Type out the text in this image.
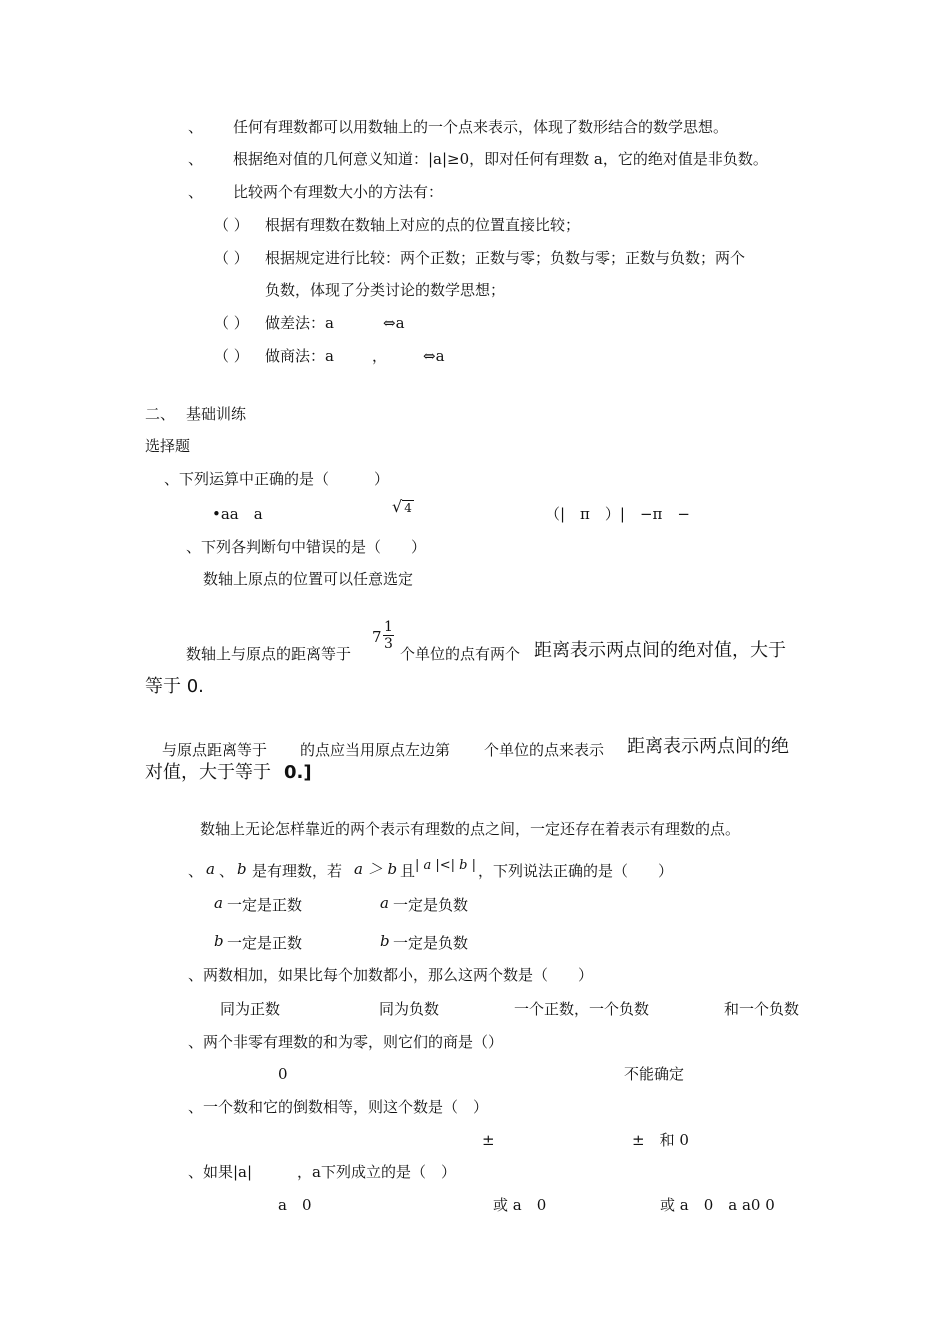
、 任何有理数都可以用数轴上的一个点来表示，体现了数形结合的数学思想。
、 根据绝对值的几何意义知道：|a|≥0，即对任何有理数 a，它的绝对值是非负数。
、 比较两个有理数大小的方法有：
（ ） 根据有理数在数轴上对应的点的位置直接比较；
（ ） 根据规定进行比较：两个正数；正数与零；负数与零；正数与负数；两个
负数，体现了分类讨论的数学思想；
（ ） 做差法：a	⇔a
（ ） 做商法：a	， ⇔a
二、 基础训练
选择题
、下列运算中正确的是（　　　）
•aa　a	√ 4	（|　π　）|　−π　−
、下列各判断句中错误的是（　　）
数轴上原点的位置可以任意选定
数轴上与原点的距离等于
$7 \frac{1}{3}$
个单位的点有两个 距离表示两点间的绝对值，大于
等于 0.
与原点距离等于 的点应当用原点左边第 个单位的点来表示 距离表示两点间的绝
对值，大于等于 0.]
数轴上无论怎样靠近的两个表示有理数的点之间，一定还存在着表示有理数的点。
、 a 、 b 是有理数，若 a ＞ b 且 | a |<| b | ，下列说法正确的是（　　）
a 一定是正数	a 一定是负数
b 一定是正数	b 一定是负数
、两数相加，如果比每个加数都小，那么这两个数是（　　）
同为正数	同为负数	一个正数，一个负数	和一个负数
、两个非零有理数的和为零，则它们的商是（）
0	不能确定
、一个数和它的倒数相等，则这个数是（　）
±	±　和 0
、如果|a|	，a下列成立的是（　）
a　0	或 a　0	或 a　0　a a0 0
